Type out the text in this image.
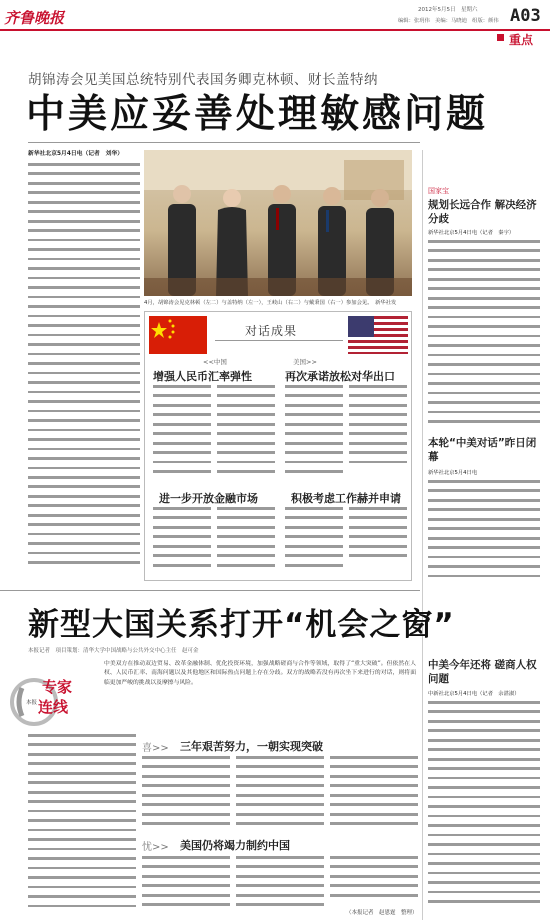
齐鲁晚报	2012年5月5日　星期六 A03
编辑：张玥伟　美编：马晓迪　组版：颜伟
重点
胡锦涛会见美国总统特别代表国务卿克林顿、财长盖特纳
中美应妥善处理敏感问题
新华社北京5月4日电（记者　刘华）
4月，胡锦涛会见克林顿（左二）与盖特纳（左一），王岐山（右二）与戴秉国（右一）参加会见。　新华社发
对话成果
<<中国	美国>>
增强人民币汇率弹性	再次承诺放松对华出口
进一步开放金融市场	积极考虑工作赫并申请
国家宝
规划长远合作 解决经济分歧
新华社北京5月4日电（记者　秦宇）
本轮“中美对话”昨日闭幕
新华社北京5月4日电
新型大国关系打开“机会之窗”
本报记者　项目策划：清华大学中国战略与公共外交中心主任　赵可金
中美双方在推动双边贸易、改革金融体制、优化投资环境，加强战略磋商与合作等领域，取得了“重大突破”。但依然在人权、人民币汇率、南海问题以及其他地区和国际热点问题上存在分歧。双方的战略若没有再次坐下来进行的对话，则将面临更加严峻的挑战以及摩擦与风险。
专家
连线
本报
喜>> 三年艰苦努力，一朝实现突破
忧>> 美国仍将竭力制约中国
（本报记者　赵恩霆　整理）
中美今年还将 磋商人权问题
中新社北京5月4日电（记者　余湛淑）
